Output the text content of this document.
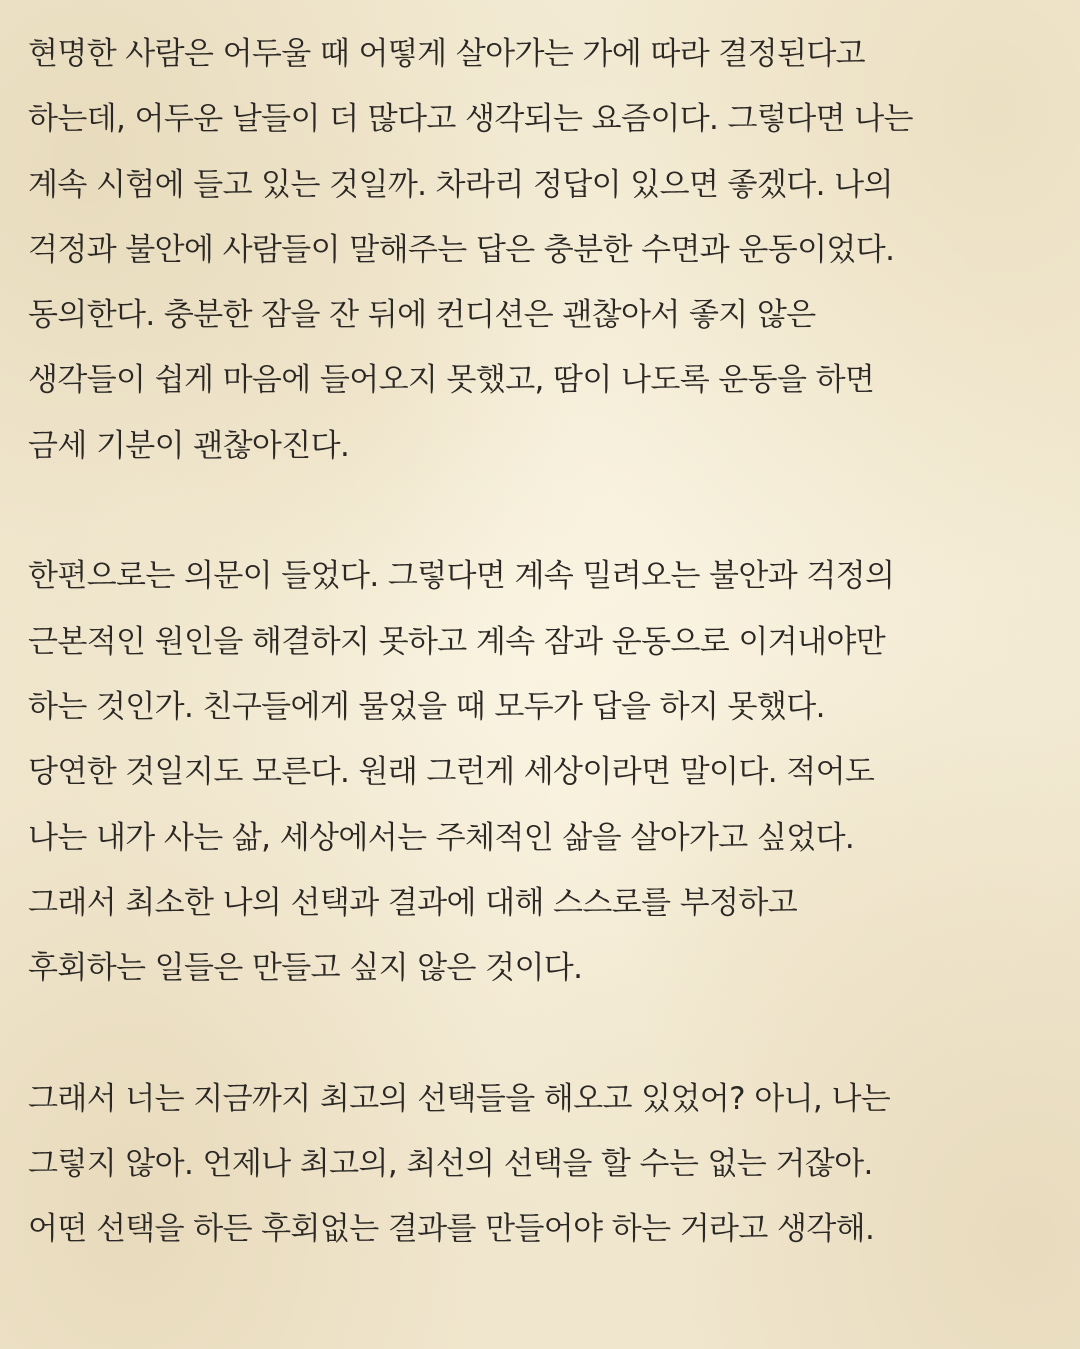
현명한 사람은 어두울 때 어떻게 살아가는 가에 따라 결정된다고
하는데, 어두운 날들이 더 많다고 생각되는 요즘이다. 그렇다면 나는
계속 시험에 들고 있는 것일까. 차라리 정답이 있으면 좋겠다. 나의
걱정과 불안에 사람들이 말해주는 답은 충분한 수면과 운동이었다.
동의한다. 충분한 잠을 잔 뒤에 컨디션은 괜찮아서 좋지 않은
생각들이 쉽게 마음에 들어오지 못했고, 땀이 나도록 운동을 하면
금세 기분이 괜찮아진다.
한편으로는 의문이 들었다. 그렇다면 계속 밀려오는 불안과 걱정의
근본적인 원인을 해결하지 못하고 계속 잠과 운동으로 이겨내야만
하는 것인가. 친구들에게 물었을 때 모두가 답을 하지 못했다.
당연한 것일지도 모른다. 원래 그런게 세상이라면 말이다. 적어도
나는 내가 사는 삶, 세상에서는 주체적인 삶을 살아가고 싶었다.
그래서 최소한 나의 선택과 결과에 대해 스스로를 부정하고
후회하는 일들은 만들고 싶지 않은 것이다.
그래서 너는 지금까지 최고의 선택들을 해오고 있었어? 아니, 나는
그렇지 않아. 언제나 최고의, 최선의 선택을 할 수는 없는 거잖아.
어떤 선택을 하든 후회없는 결과를 만들어야 하는 거라고 생각해.
